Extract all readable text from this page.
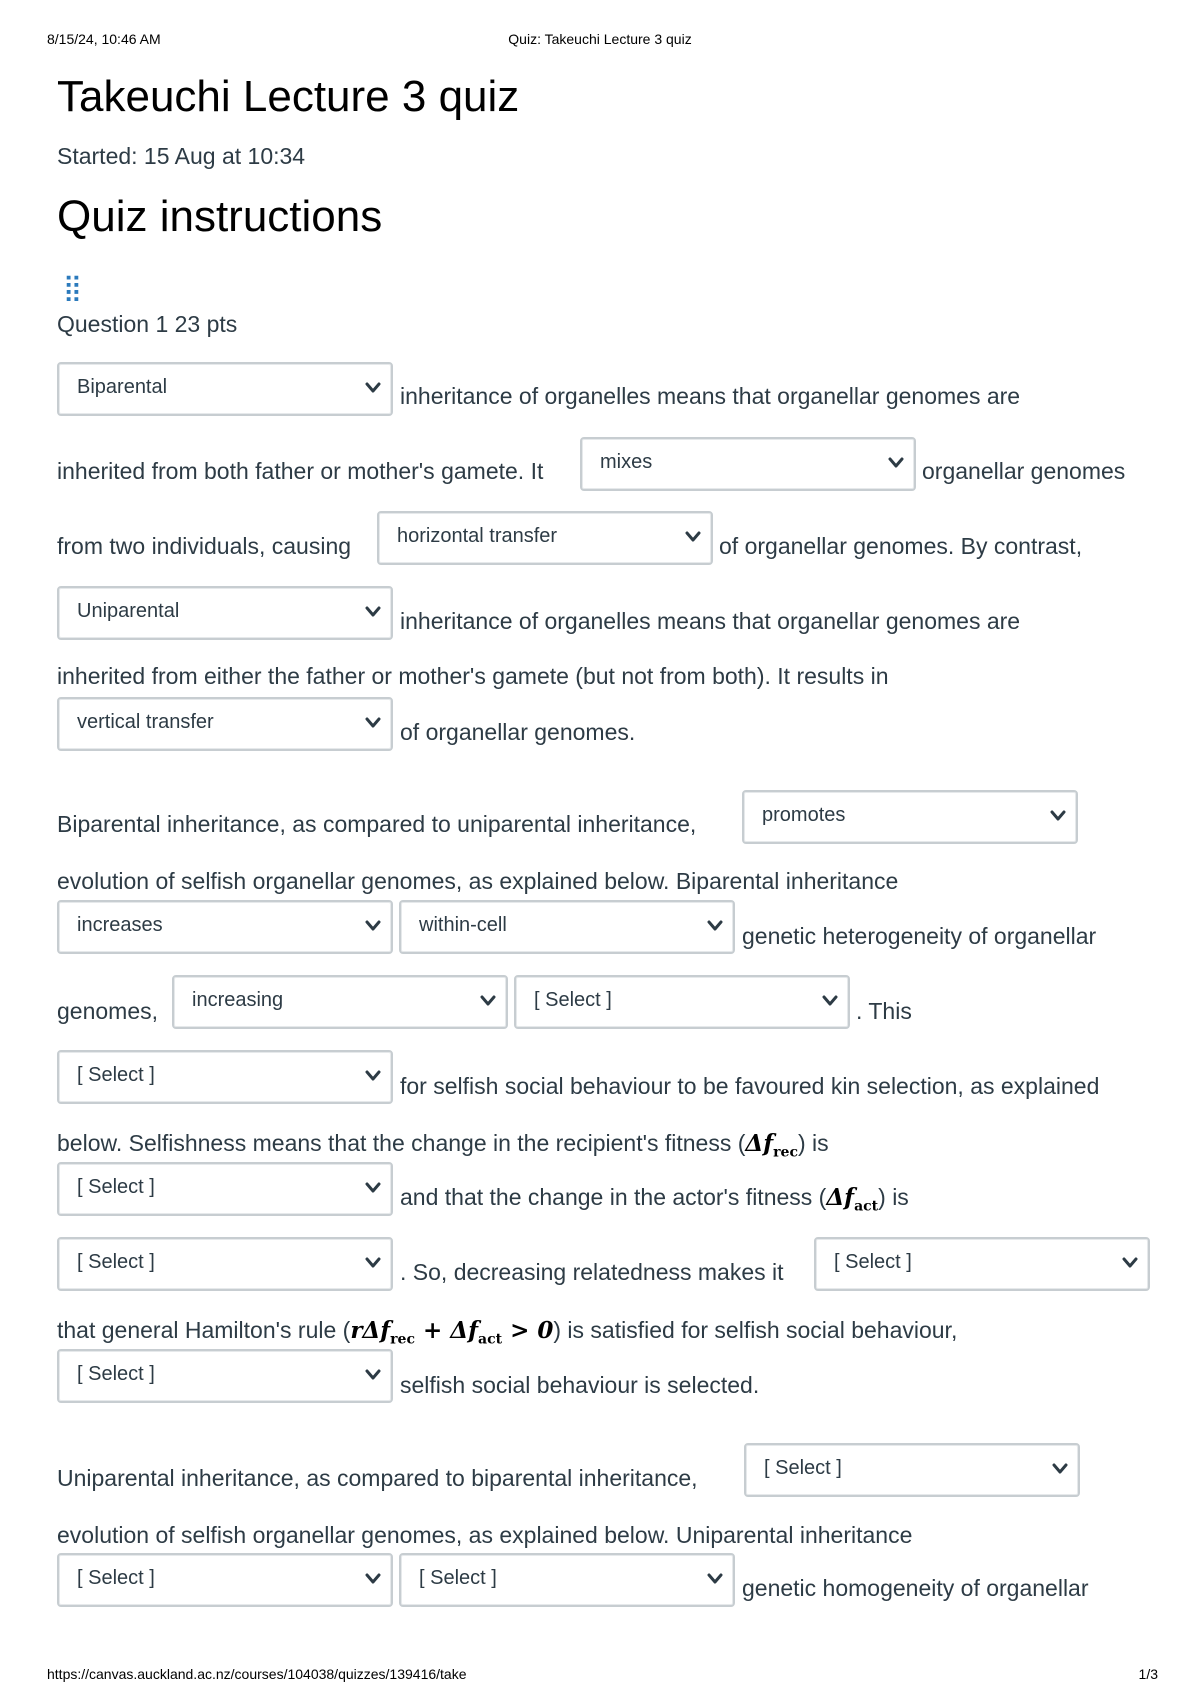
8/15/24, 10:46 AM	Quiz: Takeuchi Lecture 3 quiz
https://canvas.auckland.ac.nz/courses/104038/quizzes/139416/take	1/3
Takeuchi Lecture 3 quiz
Started: 15 Aug at 10:34
Quiz instructions
⣿
Question 1 23 pts
Biparental	inheritance of organelles means that organellar genomes are
inherited from both father or mother's gamete. It	mixes	organellar genomes
from two individuals, causing horizontal transfer	of organellar genomes. By contrast,
Uniparental	inheritance of organelles means that organellar genomes are
inherited from either the father or mother's gamete (but not from both). It results in
vertical transfer	of organellar genomes.
Biparental inheritance, as compared to uniparental inheritance,	promotes
evolution of selfish organellar genomes, as explained below. Biparental inheritance
increases	within-cell	genetic heterogeneity of organellar
genomes, increasing	[ Select ]	. This
[ Select ]	for selfish social behaviour to be favoured kin selection, as explained
below. Selfishness means that the change in the recipient's fitness $(\Delta f_{rec})$ is
[ Select ]	and that the change in the actor's fitness $(\Delta f_{act})$ is
[ Select ]	. So, decreasing relatedness makes it	[ Select ]
that general Hamilton's rule $(r\Delta f_{rec} + \Delta f_{act} > 0)$ is satisfied for selfish social behaviour,
[ Select ]	selfish social behaviour is selected.
Uniparental inheritance, as compared to biparental inheritance,	[ Select ]
evolution of selfish organellar genomes, as explained below. Uniparental inheritance
[ Select ]	[ Select ]	genetic homogeneity of organellar
